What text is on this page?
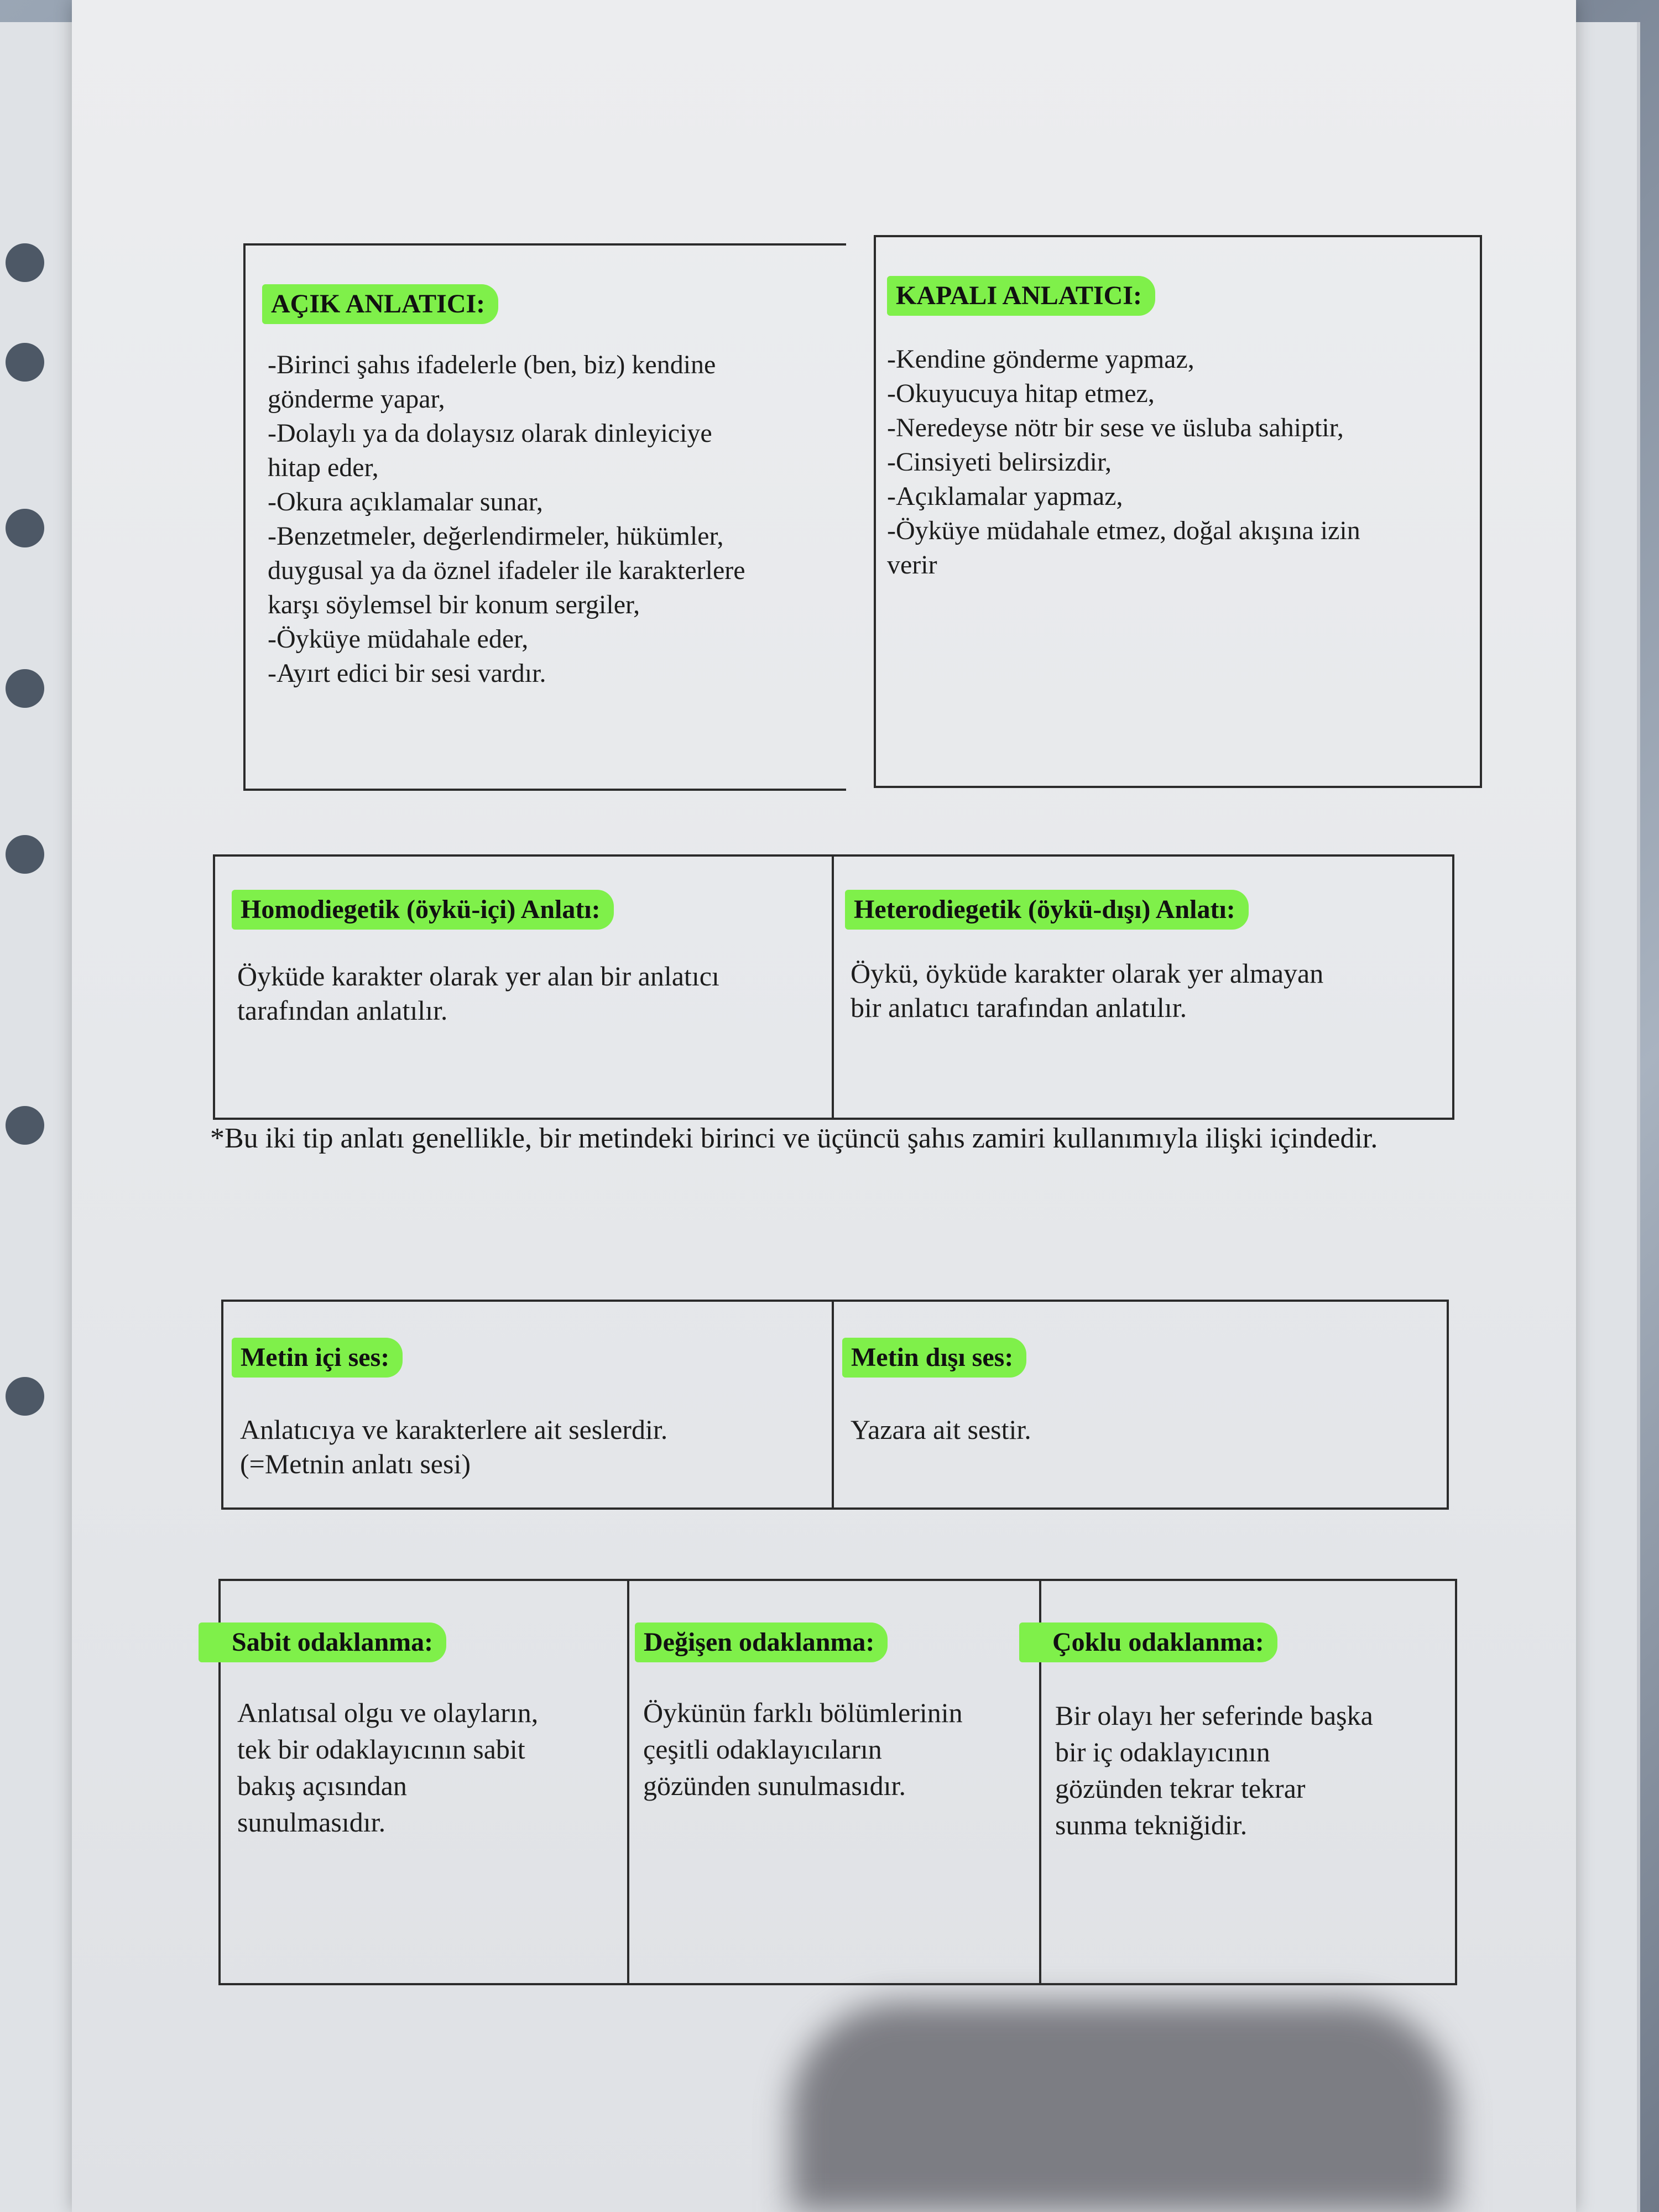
AÇIK ANLATICI:
-Birinci şahıs ifadelerle (ben, biz) kendine
gönderme yapar,
-Dolaylı ya da dolaysız olarak dinleyiciye
hitap eder,
-Okura açıklamalar sunar,
-Benzetmeler, değerlendirmeler, hükümler,
duygusal ya da öznel ifadeler ile karakterlere
karşı söylemsel bir konum sergiler,
-Öyküye müdahale eder,
-Ayırt edici bir sesi vardır.
KAPALI ANLATICI:
-Kendine gönderme yapmaz,
-Okuyucuya hitap etmez,
-Neredeyse nötr bir sese ve üsluba sahiptir,
-Cinsiyeti belirsizdir,
-Açıklamalar yapmaz,
-Öyküye müdahale etmez, doğal akışına izin
verir
Homodiegetik (öykü-içi) Anlatı:
Öyküde karakter olarak yer alan bir anlatıcı
tarafından anlatılır.
Heterodiegetik (öykü-dışı) Anlatı:
Öykü, öyküde karakter olarak yer almayan
bir anlatıcı tarafından anlatılır.
*Bu iki tip anlatı genellikle, bir metindeki birinci ve üçüncü şahıs zamiri kullanımıyla ilişki içindedir.
Metin içi ses:
Anlatıcıya ve karakterlere ait seslerdir.
(=Metnin anlatı sesi)
Metin dışı ses:
Yazara ait sestir.
Sabit odaklanma:
Anlatısal olgu ve olayların,
tek bir odaklayıcının sabit
bakış açısından
sunulmasıdır.
Değişen odaklanma:
Öykünün farklı bölümlerinin
çeşitli odaklayıcıların
gözünden sunulmasıdır.
Çoklu odaklanma:
Bir olayı her seferinde başka
bir iç odaklayıcının
gözünden tekrar tekrar
sunma tekniğidir.
